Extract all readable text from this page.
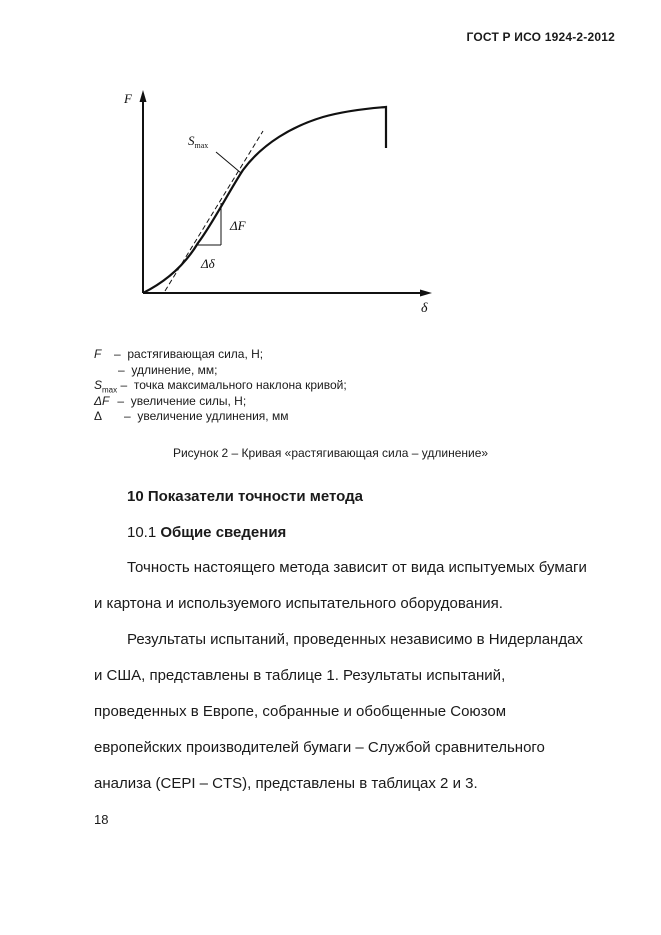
ГОСТ Р ИСО 1924-2-2012
F
δ
$S_{max}$
ΔF
Δδ
F – растягивающая сила, Н;
– удлинение, мм;
$S_{max}$ – точка максимального наклона кривой;
ΔF – увеличение силы, Н;
Δ – увеличение удлинения, мм
Рисунок 2 – Кривая «растягивающая сила – удлинение»
10 Показатели точности метода
10.1 Общие сведения
Точность настоящего метода зависит от вида испытуемых бумаги
и картона и используемого испытательного оборудования.
Результаты испытаний, проведенных независимо в Нидерландах
и США, представлены в таблице 1. Результаты испытаний,
проведенных в Европе, собранные и обобщенные Союзом
европейских производителей бумаги – Службой сравнительного
анализа (CEPI – CTS), представлены в таблицах 2 и 3.
18
